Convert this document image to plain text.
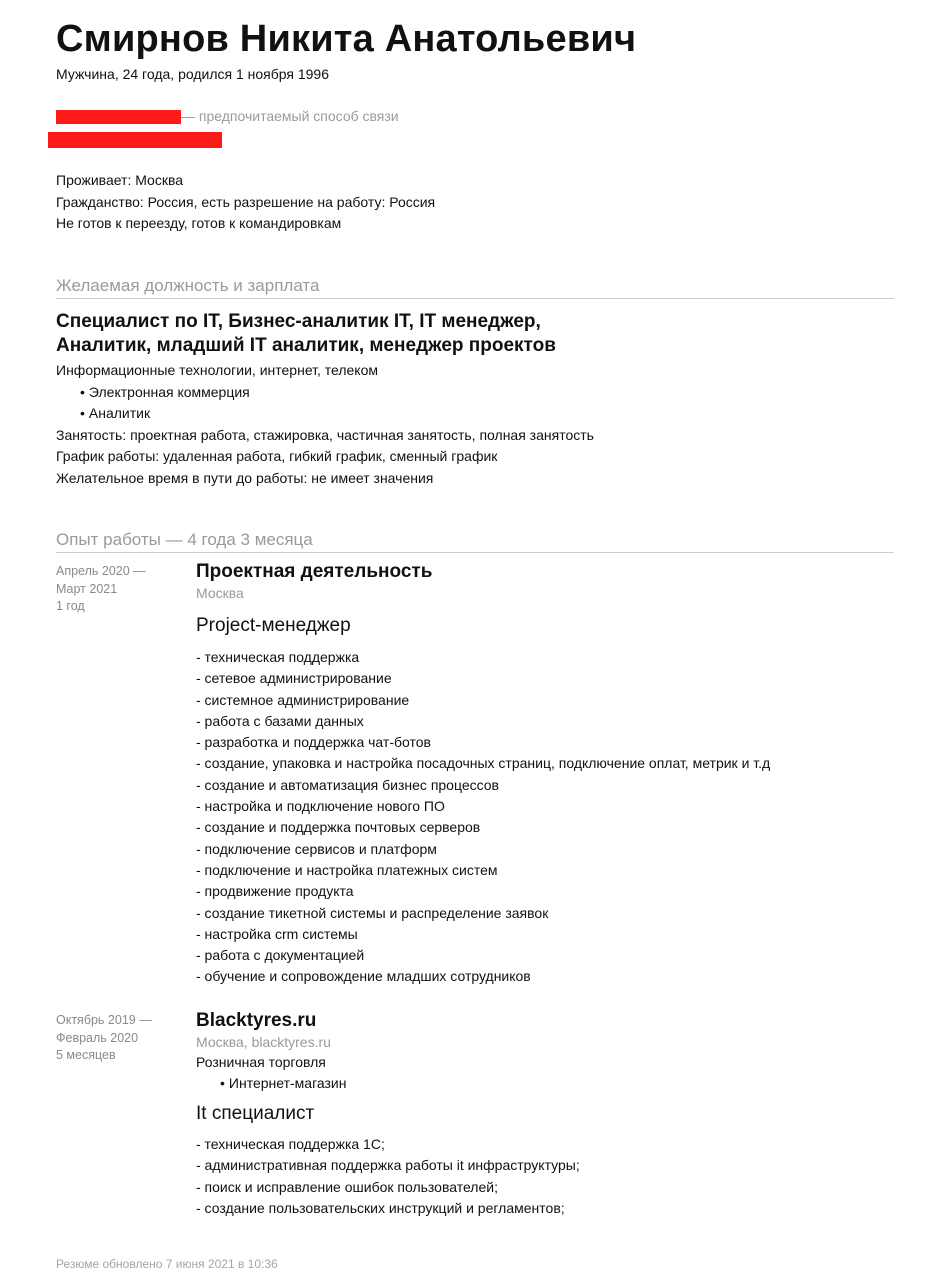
Смирнов Никита Анатольевич
Мужчина, 24 года, родился 1 ноября 1996
— предпочитаемый способ связи
Проживает: Москва
Гражданство: Россия, есть разрешение на работу: Россия
Не готов к переезду, готов к командировкам
Желаемая должность и зарплата
Специалист по IT, Бизнес-аналитик IT, IT менеджер,
Аналитик, младший IT аналитик, менеджер проектов
Информационные технологии, интернет, телеком
• Электронная коммерция
• Аналитик
Занятость: проектная работа, стажировка, частичная занятость, полная занятость
График работы: удаленная работа, гибкий график, сменный график
Желательное время в пути до работы: не имеет значения
Опыт работы — 4 года 3 месяца
Апрель 2020 —
Март 2021
1 год
Проектная деятельность
Москва
Project-менеджер
- техническая поддержка
- сетевое администрирование
- системное администрирование
- работа с базами данных
- разработка и поддержка чат-ботов
- создание, упаковка и настройка посадочных страниц, подключение оплат, метрик и т.д
- создание и автоматизация бизнес процессов
- настройка и подключение нового ПО
- создание и поддержка почтовых серверов
- подключение сервисов и платформ
- подключение и настройка платежных систем
- продвижение продукта
- создание тикетной системы и распределение заявок
- настройка crm системы
- работа с документацией
- обучение и сопровождение младших сотрудников
Октябрь 2019 —
Февраль 2020
5 месяцев
Blacktyres.ru
Москва, blacktyres.ru
Розничная торговля
• Интернет-магазин
It специалист
- техническая поддержка 1С;
- административная поддержка работы it инфраструктуры;
- поиск и исправление ошибок пользователей;
- создание пользовательских инструкций и регламентов;
Резюме обновлено 7 июня 2021 в 10:36
